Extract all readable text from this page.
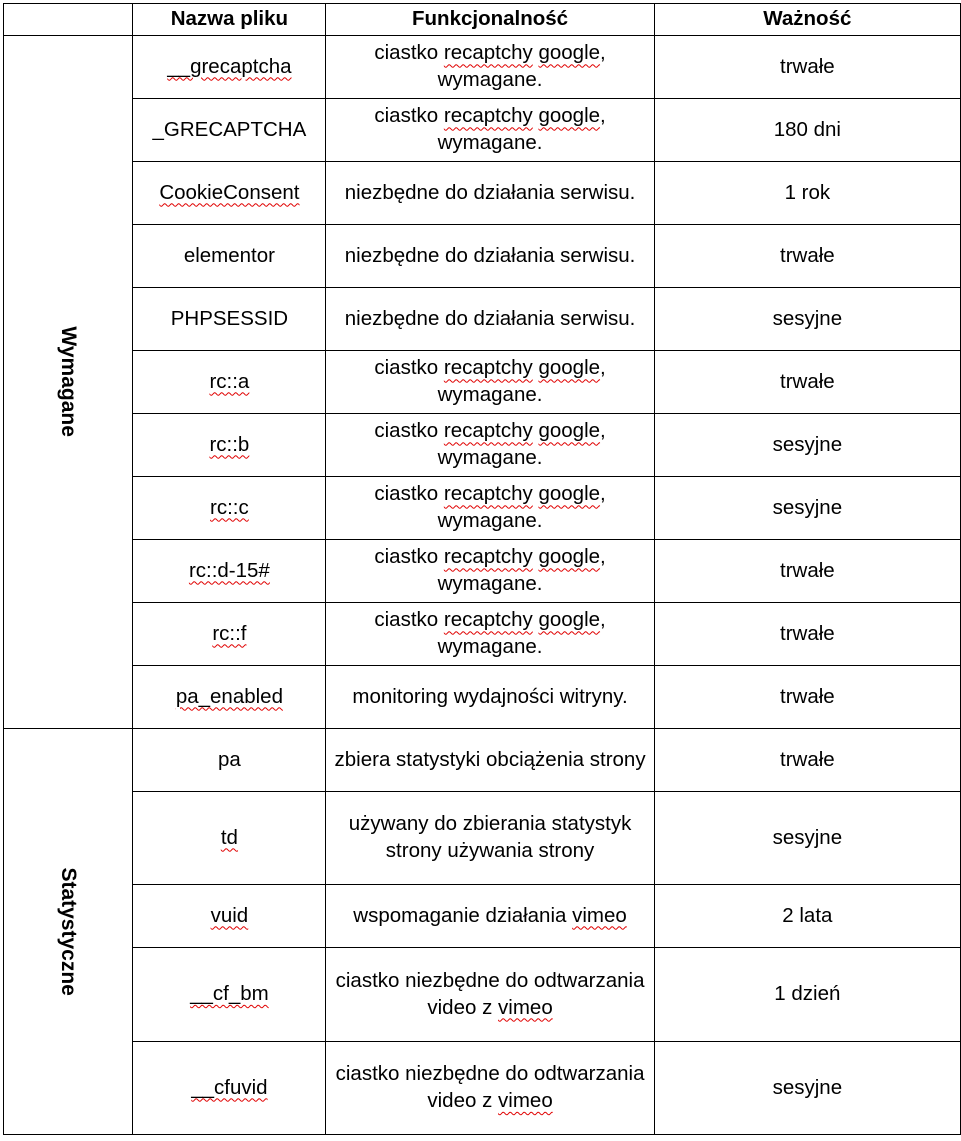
	Nazwa pliku	Funkcjonalność	Ważność
Wymagane	__grecaptcha	ciastko recaptchy google, wymagane.	trwałe
	_GRECAPTCHA	ciastko recaptchy google, wymagane.	180 dni
	CookieConsent	niezbędne do działania serwisu.	1 rok
	elementor	niezbędne do działania serwisu.	trwałe
	PHPSESSID	niezbędne do działania serwisu.	sesyjne
	rc::a	ciastko recaptchy google, wymagane.	trwałe
	rc::b	ciastko recaptchy google, wymagane.	sesyjne
	rc::c	ciastko recaptchy google, wymagane.	sesyjne
	rc::d-15#	ciastko recaptchy google, wymagane.	trwałe
	rc::f	ciastko recaptchy google, wymagane.	trwałe
	pa_enabled	monitoring wydajności witryny.	trwałe
Statystyczne	pa	zbiera statystyki obciążenia strony	trwałe
	td	używany do zbierania statystyk strony używania strony	sesyjne
	vuid	wspomaganie działania vimeo	2 lata
	__cf_bm	ciastko niezbędne do odtwarzania video z vimeo	1 dzień
	__cfuvid	ciastko niezbędne do odtwarzania video z vimeo	sesyjne
